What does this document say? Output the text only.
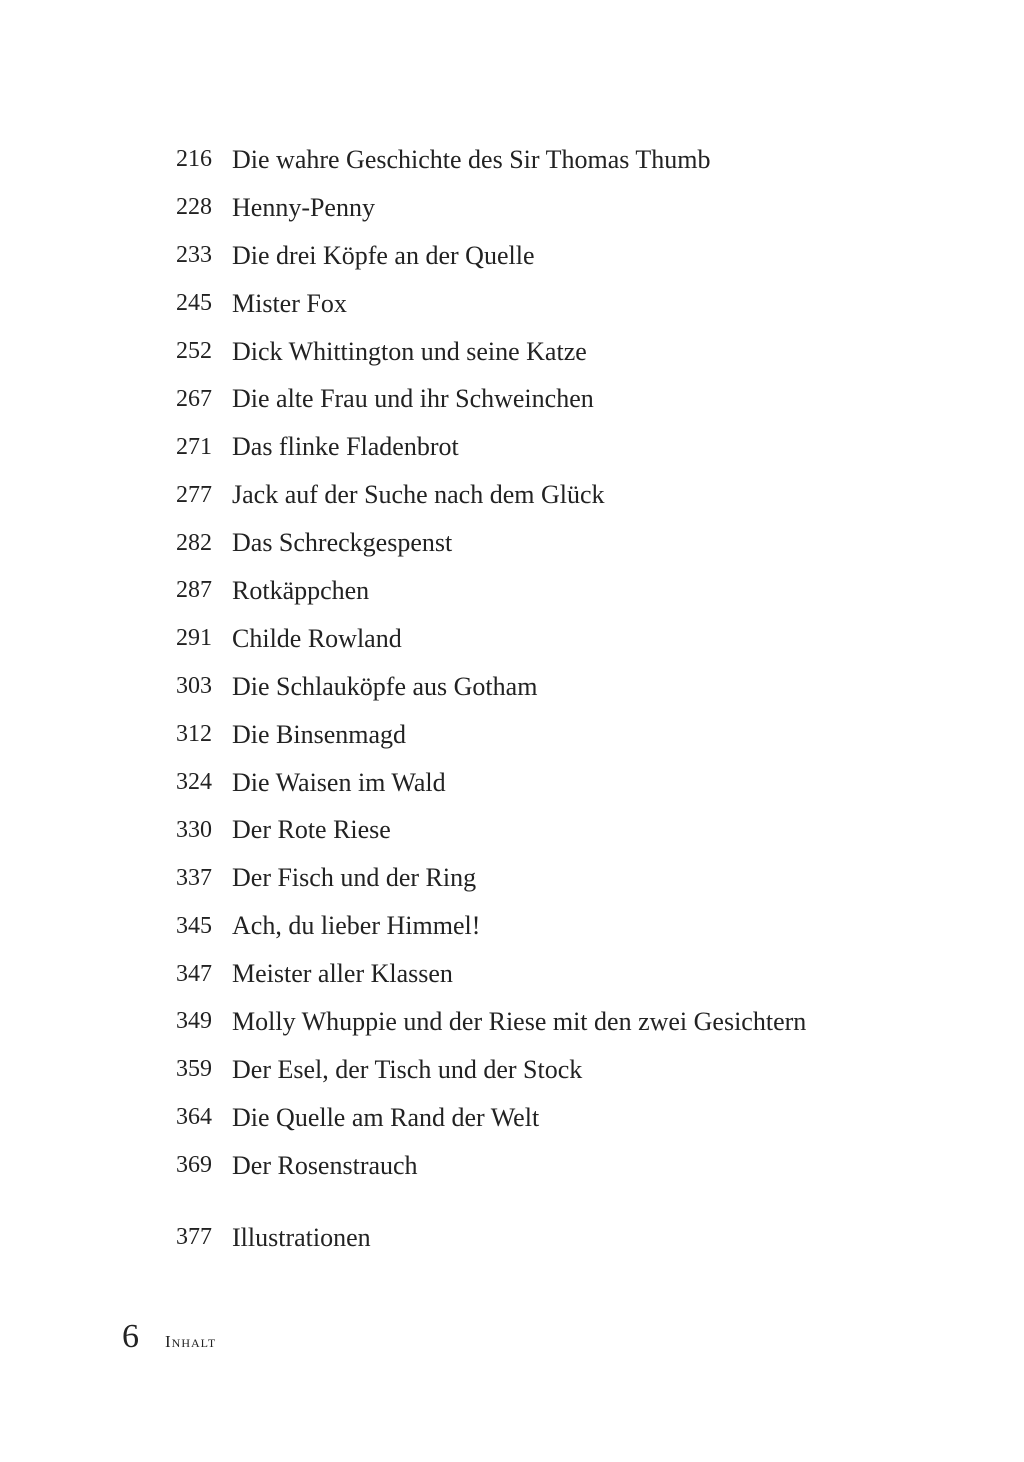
216 Die wahre Geschichte des Sir Thomas Thumb
228 Henny-Penny
233 Die drei Köpfe an der Quelle
245 Mister Fox
252 Dick Whittington und seine Katze
267 Die alte Frau und ihr Schweinchen
271 Das flinke Fladenbrot
277 Jack auf der Suche nach dem Glück
282 Das Schreckgespenst
287 Rotkäppchen
291 Childe Rowland
303 Die Schlauköpfe aus Gotham
312 Die Binsenmagd
324 Die Waisen im Wald
330 Der Rote Riese
337 Der Fisch und der Ring
345 Ach, du lieber Himmel!
347 Meister aller Klassen
349 Molly Whuppie und der Riese mit den zwei Gesichtern
359 Der Esel, der Tisch und der Stock
364 Die Quelle am Rand der Welt
369 Der Rosenstrauch
377 Illustrationen
6 Inhalt
